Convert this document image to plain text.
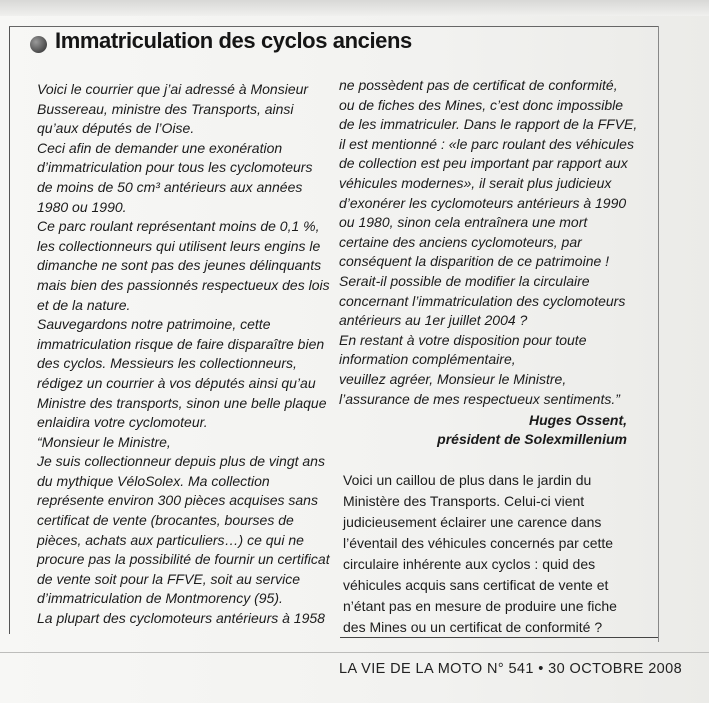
Immatriculation des cyclos anciens

Voici le courrier que j’ai adressé à Monsieur

Bussereau, ministre des Transports, ainsi

qu’aux députés de l’Oise.

Ceci afin de demander une exonération

d’immatriculation pour tous les cyclomoteurs

de moins de 50 cm³ antérieurs aux années

1980 ou 1990.

Ce parc roulant représentant moins de 0,1 %,

les collectionneurs qui utilisent leurs engins le

dimanche ne sont pas des jeunes délinquants

mais bien des passionnés respectueux des lois

et de la nature.

Sauvegardons notre patrimoine, cette

immatriculation risque de faire disparaître bien

des cyclos. Messieurs les collectionneurs,

rédigez un courrier à vos députés ainsi qu’au

Ministre des transports, sinon une belle plaque

enlaidira votre cyclomoteur.

“Monsieur le Ministre,

Je suis collectionneur depuis plus de vingt ans

du mythique VéloSolex. Ma collection

représente environ 300 pièces acquises sans

certificat de vente (brocantes, bourses de

pièces, achats aux particuliers…) ce qui ne

procure pas la possibilité de fournir un certificat

de vente soit pour la FFVE, soit au service

d’immatriculation de Montmorency (95).

La plupart des cyclomoteurs antérieurs à 1958

ne possèdent pas de certificat de conformité,

ou de fiches des Mines, c’est donc impossible

de les immatriculer. Dans le rapport de la FFVE,

il est mentionné : «le parc roulant des véhicules

de collection est peu important par rapport aux

véhicules modernes», il serait plus judicieux

d’exonérer les cyclomoteurs antérieurs à 1990

ou 1980, sinon cela entraînera une mort

certaine des anciens cyclomoteurs, par

conséquent la disparition de ce patrimoine !

Serait-il possible de modifier la circulaire

concernant l’immatriculation des cyclomoteurs

antérieurs au 1er juillet 2004 ?

En restant à votre disposition pour toute

information complémentaire,

veuillez agréer, Monsieur le Ministre,

l’assurance de mes respectueux sentiments.”

Huges Ossent,

président de Solexmillenium

Voici un caillou de plus dans le jardin du

Ministère des Transports. Celui-ci vient

judicieusement éclairer une carence dans

l’éventail des véhicules concernés par cette

circulaire inhérente aux cyclos : quid des

véhicules acquis sans certificat de vente et

n’étant pas en mesure de produire une fiche

des Mines ou un certificat de conformité ?

LA VIE DE LA MOTO N° 541 • 30 OCTOBRE 2008
